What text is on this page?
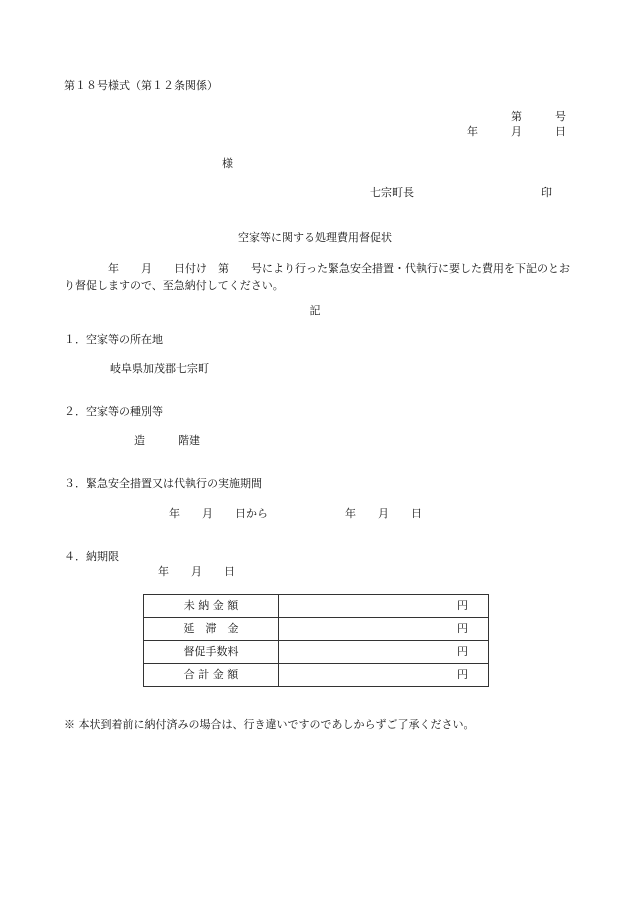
第１８号様式（第１２条関係）
第　　　号
年　　　月　　　日
様
七宗町長	印
空家等に関する処理費用督促状
　　　　年　　月　　日付け　第　　号により行った緊急安全措置・代執行に要した費用を下記のとおり督促しますので、至急納付してください。
記
１．空家等の所在地
岐阜県加茂郡七宗町
２．空家等の種別等
造　　　階建
３．緊急安全措置又は代執行の実施期間
年　　月　　日から　　　　　　　年　　月　　日
４．納期限
年　　月　　日
未 納 金 額	円
延　滞　金	円
督促手数料	円
合 計 金 額	円
※ 本状到着前に納付済みの場合は、行き違いですのであしからずご了承ください。
